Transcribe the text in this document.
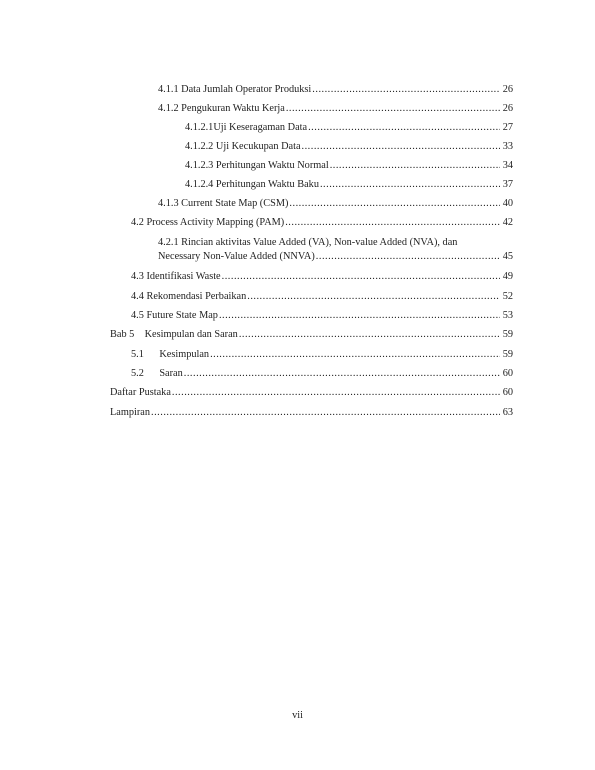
4.1.1 Data Jumlah Operator Produksi .....	26
4.1.2 Pengukuran Waktu Kerja .....	26
4.1.2.1Uji Keseragaman Data .....	27
4.1.2.2 Uji Kecukupan Data .....	33
4.1.2.3 Perhitungan Waktu Normal .....	34
4.1.2.4 Perhitungan Waktu Baku .....	37
4.1.3 Current State Map (CSM) .....	40
4.2 Process Activity Mapping (PAM) .....	42
4.2.1 Rincian aktivitas Value Added (VA), Non-value Added (NVA), dan
Necessary Non-Value Added (NNVA) .....	45
4.3 Identifikasi Waste .....	49
4.4 Rekomendasi Perbaikan .....	52
4.5 Future State Map .....	53
Bab 5    Kesimpulan dan Saran .....	59
5.1      Kesimpulan .....	59
5.2      Saran .....	60
Daftar Pustaka .....	60
Lampiran .....	63
vii
